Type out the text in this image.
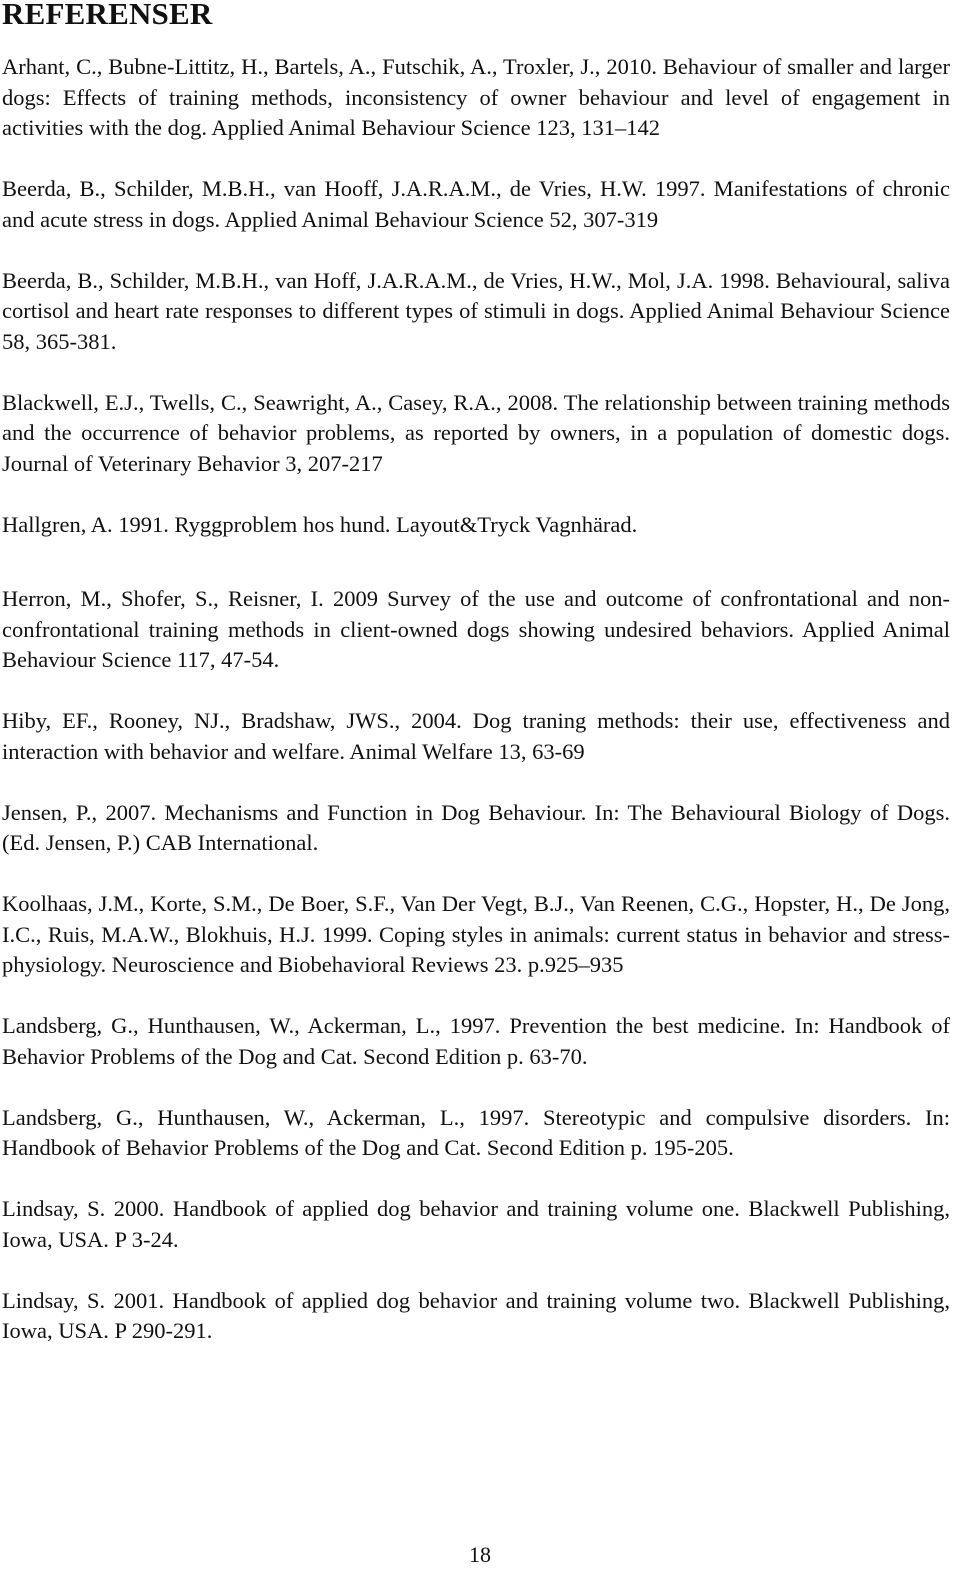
REFERENSER

Arhant, C., Bubne-Littitz, H., Bartels, A., Futschik, A., Troxler, J., 2010. Behaviour of smaller and larger dogs: Effects of training methods, inconsistency of owner behaviour and level of engagement in activities with the dog. Applied Animal Behaviour Science 123, 131–142

Beerda, B., Schilder, M.B.H., van Hooff, J.A.R.A.M., de Vries, H.W. 1997. Manifestations of chronic and acute stress in dogs. Applied Animal Behaviour Science 52, 307-319

Beerda, B., Schilder, M.B.H., van Hoff, J.A.R.A.M., de Vries, H.W., Mol, J.A. 1998. Behavioural, saliva cortisol and heart rate responses to different types of stimuli in dogs. Applied Animal Behaviour Science 58, 365-381.

Blackwell, E.J., Twells, C., Seawright, A., Casey, R.A., 2008. The relationship between training methods and the occurrence of behavior problems, as reported by owners, in a population of domestic dogs. Journal of Veterinary Behavior 3, 207-217

Hallgren, A. 1991. Ryggproblem hos hund. Layout&Tryck Vagnhärad.

Herron, M., Shofer, S., Reisner, I. 2009 Survey of the use and outcome of confrontational and non-confrontational training methods in client-owned dogs showing undesired behaviors. Applied Animal Behaviour Science 117, 47-54.

Hiby, EF., Rooney, NJ., Bradshaw, JWS., 2004. Dog traning methods: their use, effectiveness and interaction with behavior and welfare. Animal Welfare 13, 63-69

Jensen, P., 2007. Mechanisms and Function in Dog Behaviour. In: The Behavioural Biology of Dogs. (Ed. Jensen, P.) CAB International.

Koolhaas, J.M., Korte, S.M., De Boer, S.F., Van Der Vegt, B.J., Van Reenen, C.G., Hopster, H., De Jong, I.C., Ruis, M.A.W., Blokhuis, H.J. 1999. Coping styles in animals: current status in behavior and stress-physiology. Neuroscience and Biobehavioral Reviews 23. p.925–935

Landsberg, G., Hunthausen, W., Ackerman, L., 1997. Prevention the best medicine. In: Handbook of Behavior Problems of the Dog and Cat. Second Edition p. 63-70.

Landsberg, G., Hunthausen, W., Ackerman, L., 1997. Stereotypic and compulsive disorders. In: Handbook of Behavior Problems of the Dog and Cat. Second Edition p. 195-205.

Lindsay, S. 2000. Handbook of applied dog behavior and training volume one. Blackwell Publishing, Iowa, USA. P 3-24.

Lindsay, S. 2001. Handbook of applied dog behavior and training volume two. Blackwell Publishing, Iowa, USA. P 290-291.

18
